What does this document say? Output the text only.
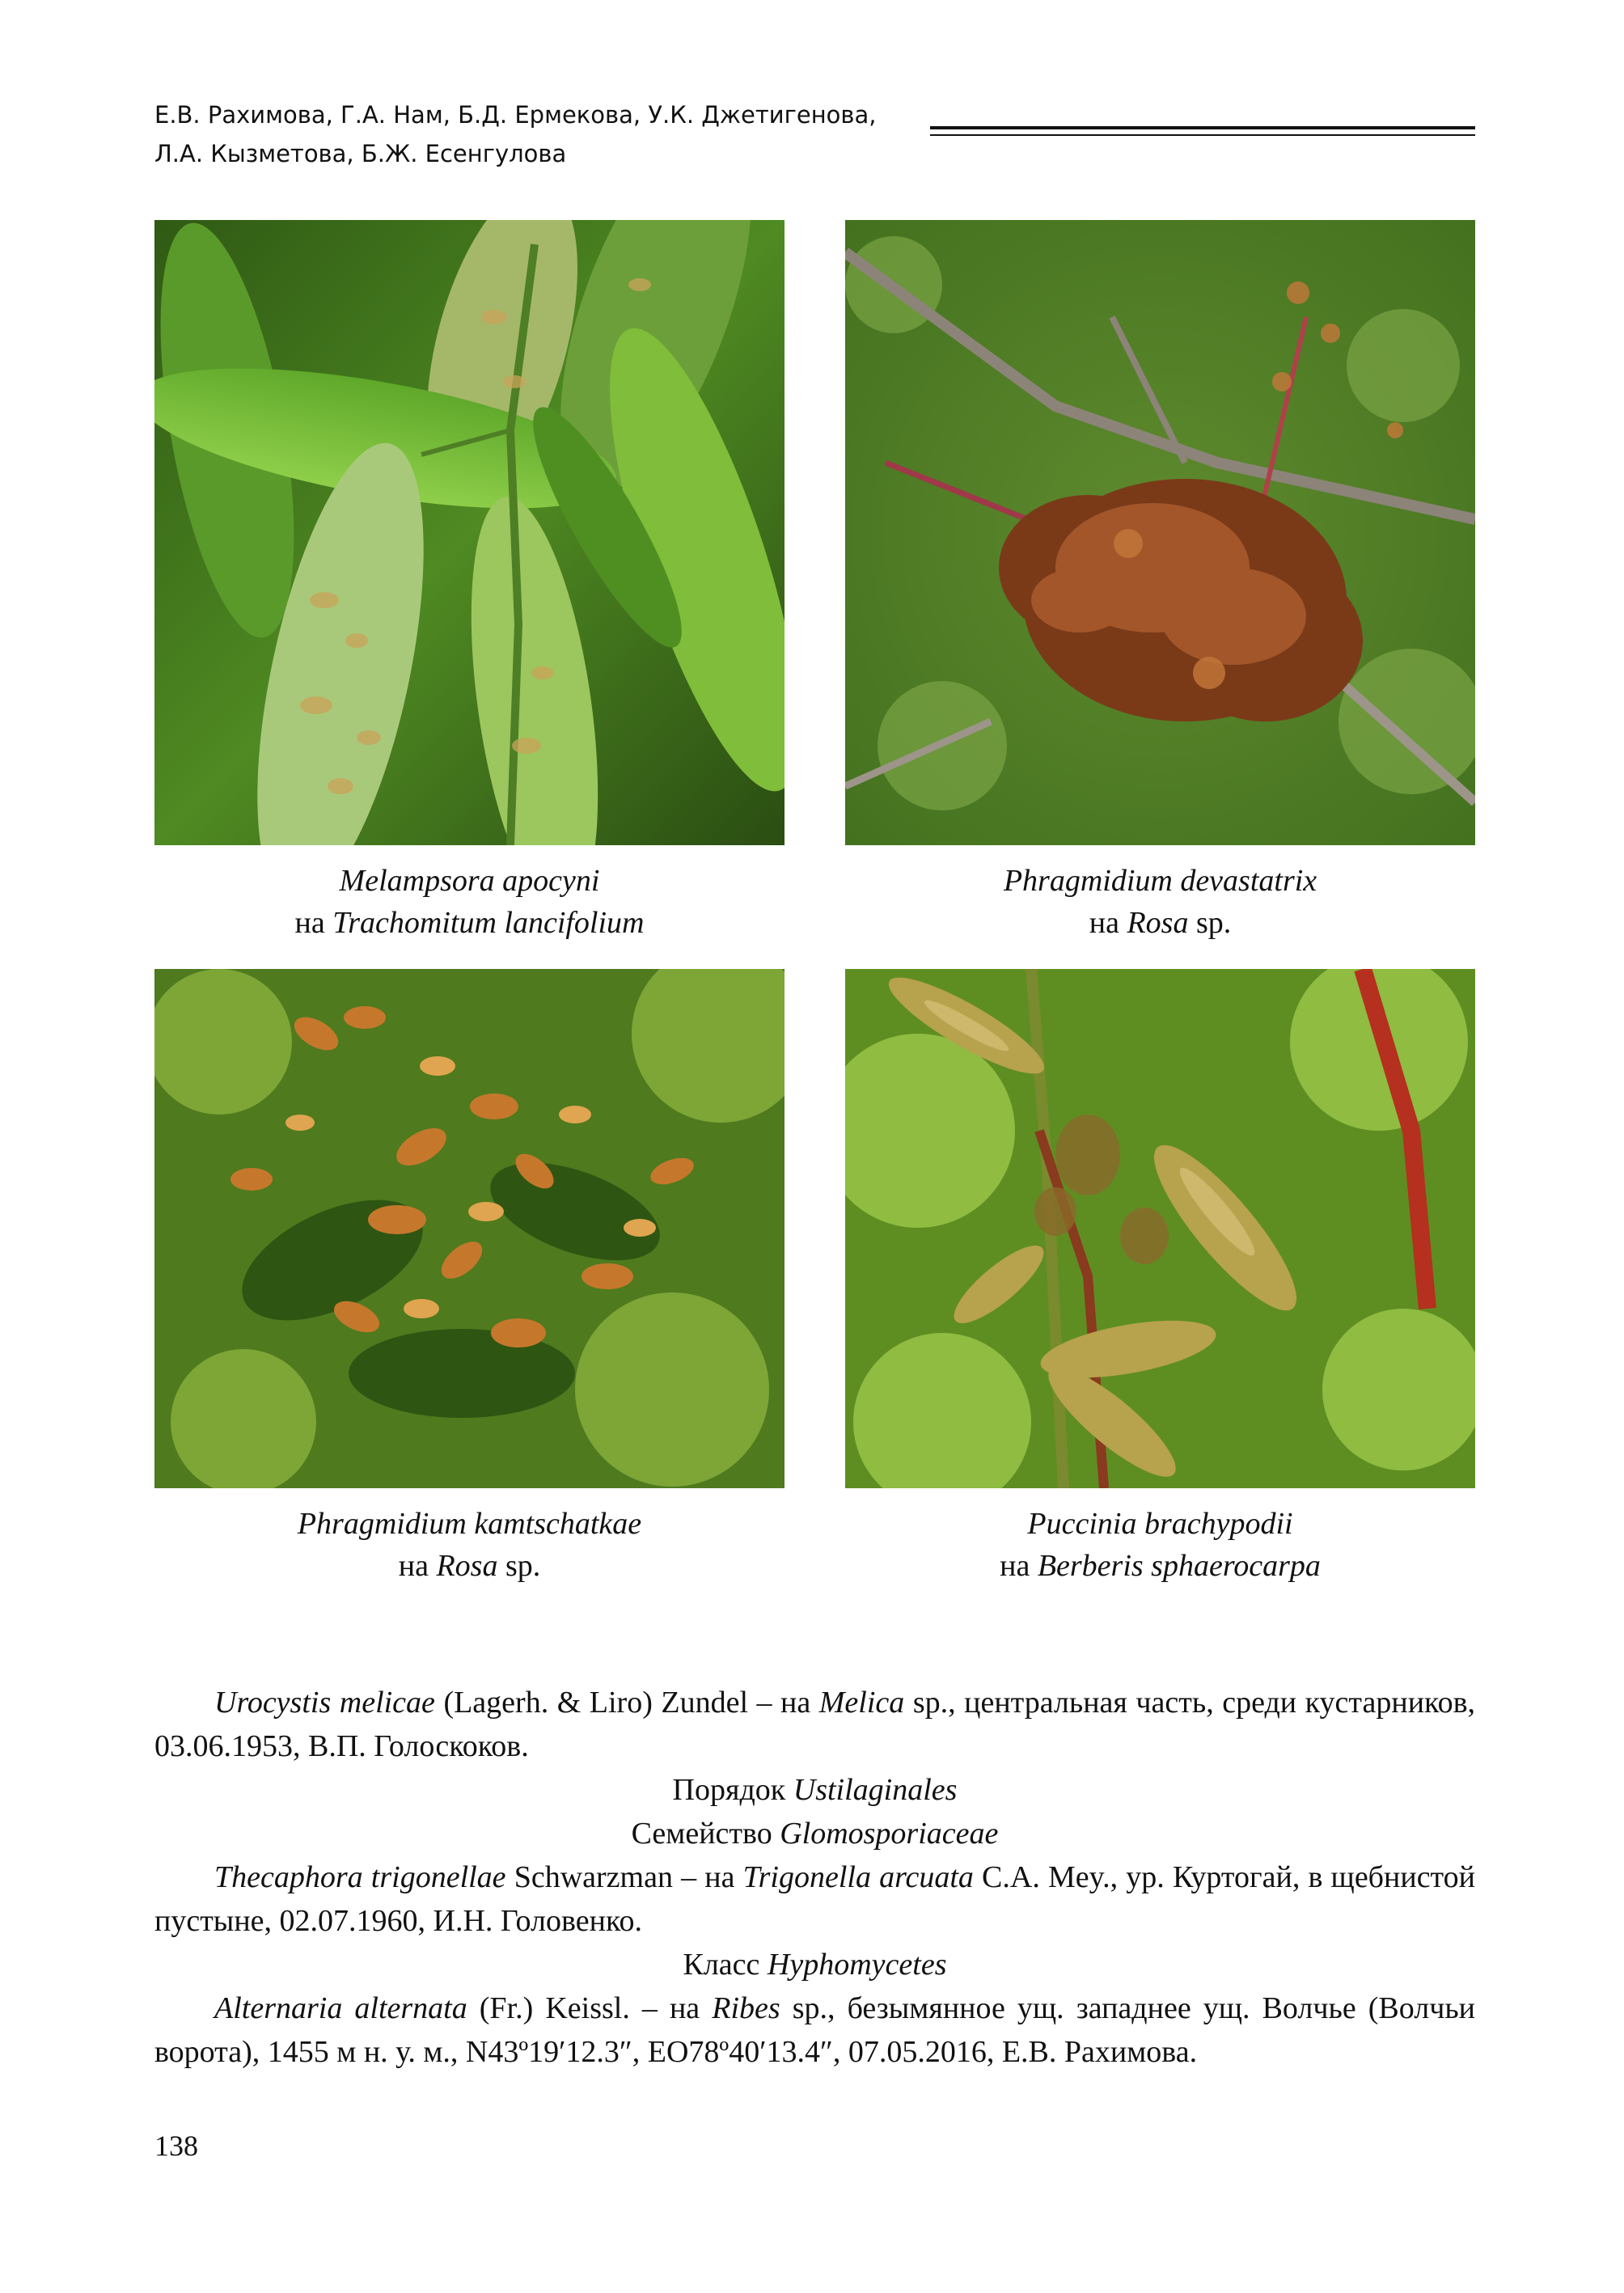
Е.В. Рахимова, Г.А. Нам, Б.Д. Ермекова, У.К. Джетигенова,
Л.А. Кызметова, Б.Ж. Есенгулова
Melampsora apocyni
на Trachomitum lancifolium
Phragmidium devastatrix
на Rosa sp.
Phragmidium kamtschatkae
на Rosa sp.
Puccinia brachypodii
на Berberis sphaerocarpa

Urocystis melicae (Lagerh. & Liro) Zundel – на Melica sp., центральная часть, среди кустарников, 03.06.1953, В.П. Голоскоков.

Порядок Ustilaginales

Семейство Glomosporiaceae

Thecaphora trigonellae Schwarzman – на Trigonella arcuata C.A. Mey., ур. Куртогай, в щебнистой пустыне, 02.07.1960, И.Н. Головенко.

Класс Hyphomycetes

Alternaria alternata (Fr.) Keissl. – на Ribes sp., безымянное ущ. западнее ущ. Волчье (Волчьи ворота), 1455 м н. у. м., N43º19′12.3″, EO78º40′13.4″, 07.05.2016, Е.В. Рахимова.

138
